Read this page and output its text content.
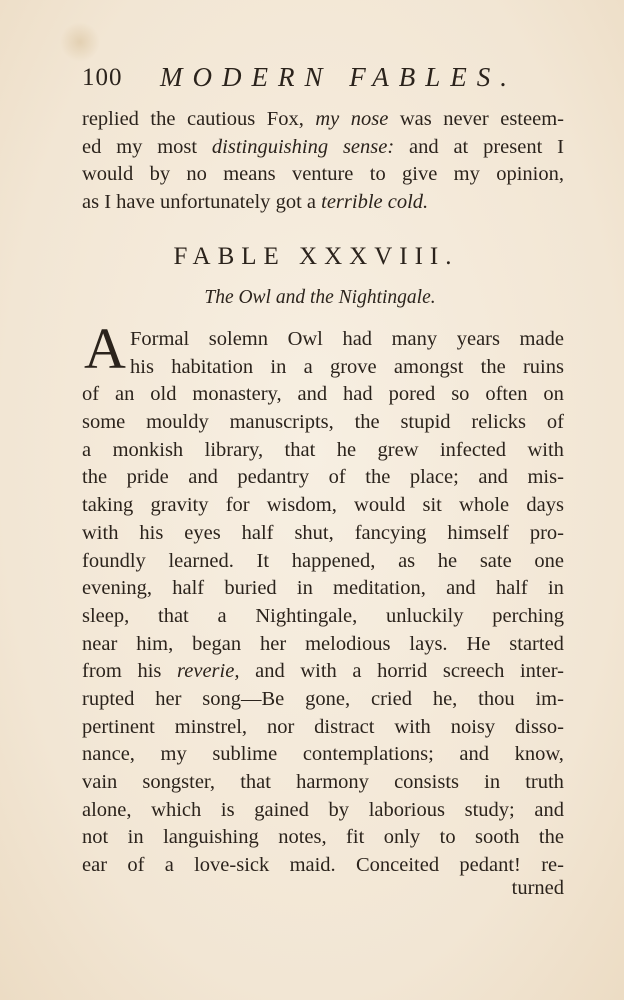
100 MODERN FABLES.
replied the cautious Fox, my nose was never esteem-
ed my most distinguishing sense: and at present I
would by no means venture to give my opinion,
as I have unfortunately got a terrible cold.
FABLE XXXVIII.
The Owl and the Nightingale.
A Formal solemn Owl had many years made
his habitation in a grove amongst the ruins
of an old monastery, and had pored so often on
some mouldy manuscripts, the stupid relicks of
a monkish library, that he grew infected with
the pride and pedantry of the place; and mis-
taking gravity for wisdom, would sit whole days
with his eyes half shut, fancying himself pro-
foundly learned. It happened, as he sate one
evening, half buried in meditation, and half in
sleep, that a Nightingale, unluckily perching
near him, began her melodious lays. He started
from his reverie, and with a horrid screech inter-
rupted her song—Be gone, cried he, thou im-
pertinent minstrel, nor distract with noisy disso-
nance, my sublime contemplations; and know,
vain songster, that harmony consists in truth
alone, which is gained by laborious study; and
not in languishing notes, fit only to sooth the
ear of a love-sick maid. Conceited pedant! re-
turned
